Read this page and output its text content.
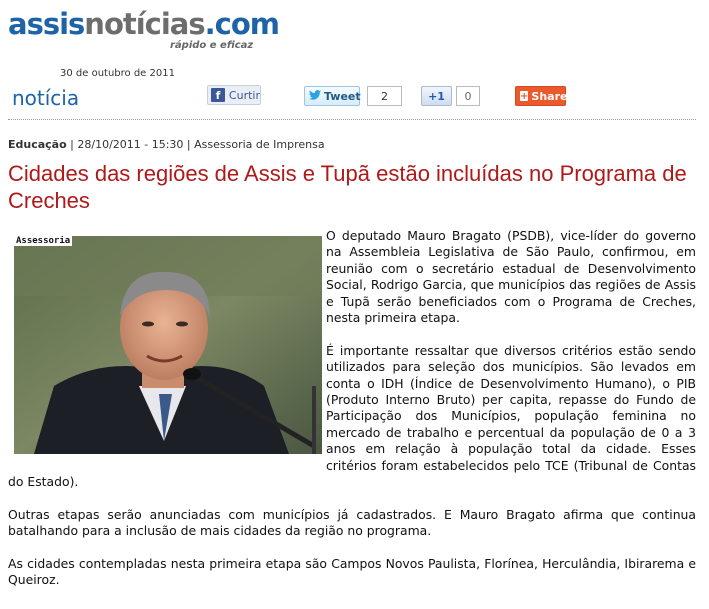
assisnotícias.com
rápido e eficaz
30 de outubro de 2011
notícia	f Curtir	Tweet	2	+1	0	+ Share
Educação | 28/10/2011 - 15:30 | Assessoria de Imprensa
Cidades das regiões de Assis e Tupã estão incluídas no Programa de Creches
Assessoria	O deputado Mauro Bragato (PSDB), vice-líder do governo na Assembleia Legislativa de São Paulo, confirmou, em reunião com o secretário estadual de Desenvolvimento Social, Rodrigo Garcia, que municípios das regiões de Assis e Tupã serão beneficiados com o Programa de Creches, nesta primeira etapa.

É importante ressaltar que diversos critérios estão sendo utilizados para seleção dos municípios. São levados em conta o IDH (Índice de Desenvolvimento Humano), o PIB (Produto Interno Bruto) per capita, repasse do Fundo de Participação dos Municípios, população feminina no mercado de trabalho e percentual da população de 0 a 3 anos em relação à população total da cidade. Esses critérios foram estabelecidos pelo TCE (Tribunal de Contas do Estado).

Outras etapas serão anunciadas com municípios já cadastrados. E Mauro Bragato afirma que continua batalhando para a inclusão de mais cidades da região no programa.

As cidades contempladas nesta primeira etapa são Campos Novos Paulista, Florínea, Herculândia, Ibirarema e Queiroz.
